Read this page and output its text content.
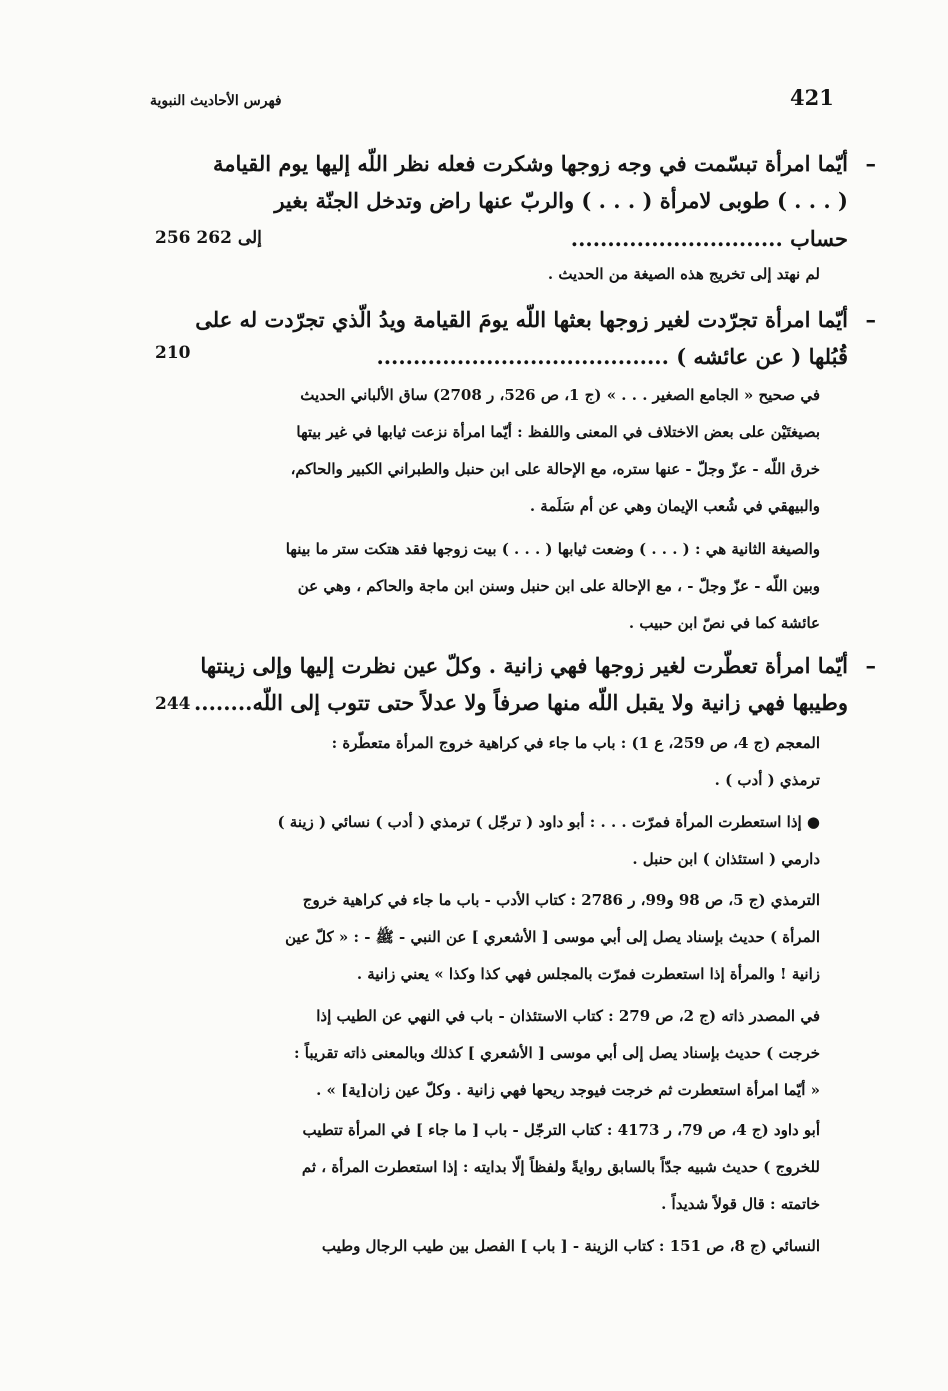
421
فهرس الأحاديث النبوية
–
أيّما امرأة تبسّمت في وجه زوجها وشكرت فعله نظر اللّه إليها يوم القيامة
( . . . ) طوبى لامرأة ( . . . ) والربّ عنها راض وتدخل الجنّة بغير
حساب .............................
256 إلى 262
لم نهتد إلى تخريج هذه الصيغة من الحديث .
–
أيّما امرأة تجرّدت لغير زوجها بعثها اللّه يومَ القيامة ويدُ الّذي تجرّدت له على
قُبُلها ( عن عائشه ) ........................................
210
في صحيح « الجامع الصغير . . . » (ج 1، ص 526، ر 2708) ساق الألباني الحديث
بصيغتَيْن على بعض الاختلاف في المعنى واللفظ : أيّما امرأة نزعت ثيابها في غير بيتها
خرق اللّه - عزّ وجلّ - عنها ستره، مع الإحالة على ابن حنبل والطبراني الكبير والحاكم،
والبيهقي في شُعب الإيمان وهي عن أم سَلَمة .
والصيغة الثانية هي : ( . . . ) وضعت ثيابها ( . . . ) بيت زوجها فقد هتكت ستر ما بينها
وبين اللّه - عزّ وجلّ - ، مع الإحالة على ابن حنبل وسنن ابن ماجة والحاكم ، وهي عن
عائشة كما في نصّ ابن حبيب .
–
أيّما امرأة تعطّرت لغير زوجها فهي زانية . وكلّ عين نظرت إليها وإلى زينتها
وطيبها فهي زانية ولا يقبل اللّه منها صرفاً ولا عدلاً حتى تتوب إلى اللّه........
244
المعجم (ج 4، ص 259، ع 1) : باب ما جاء في كراهية خروج المرأة متعطّرة :
ترمذي ( أدب ) .
● إذا استعطرت المرأة فمرّت . . . : أبو داود ( ترجّل ) ترمذي ( أدب ) نسائي ( زينة )
دارمي ( استئذان ) ابن حنبل .
الترمذي (ج 5، ص 98 و99، ر 2786 : كتاب الأدب - باب ما جاء في كراهية خروج
المرأة ) حديث بإسناد يصل إلى أبي موسى [ الأشعري ] عن النبي - ﷺ - : « كلّ عين
زانية ! والمرأة إذا استعطرت فمرّت بالمجلس فهي كذا وكذا » يعني زانية .
في المصدر ذاته (ج 2، ص 279 : كتاب الاستئذان - باب في النهي عن الطيب إذا
خرجت ) حديث بإسناد يصل إلى أبي موسى [ الأشعري ] كذلك وبالمعنى ذاته تقريباً :
« أيّما امرأة استعطرت ثم خرجت فيوجد ريحها فهي زانية . وكلّ عين زان[ية] » .
أبو داود (ج 4، ص 79، ر 4173 : كتاب الترجّل - باب [ ما جاء ] في المرأة تتطيب
للخروج ) حديث شبيه جدّاً بالسابق روايةً ولفظاً إلّا بدايته : إذا استعطرت المرأة ، ثم
خاتمته : قال قولاً شديداً .
النسائي (ج 8، ص 151 : كتاب الزينة - [ باب ] الفصل بين طيب الرجال وطيب
